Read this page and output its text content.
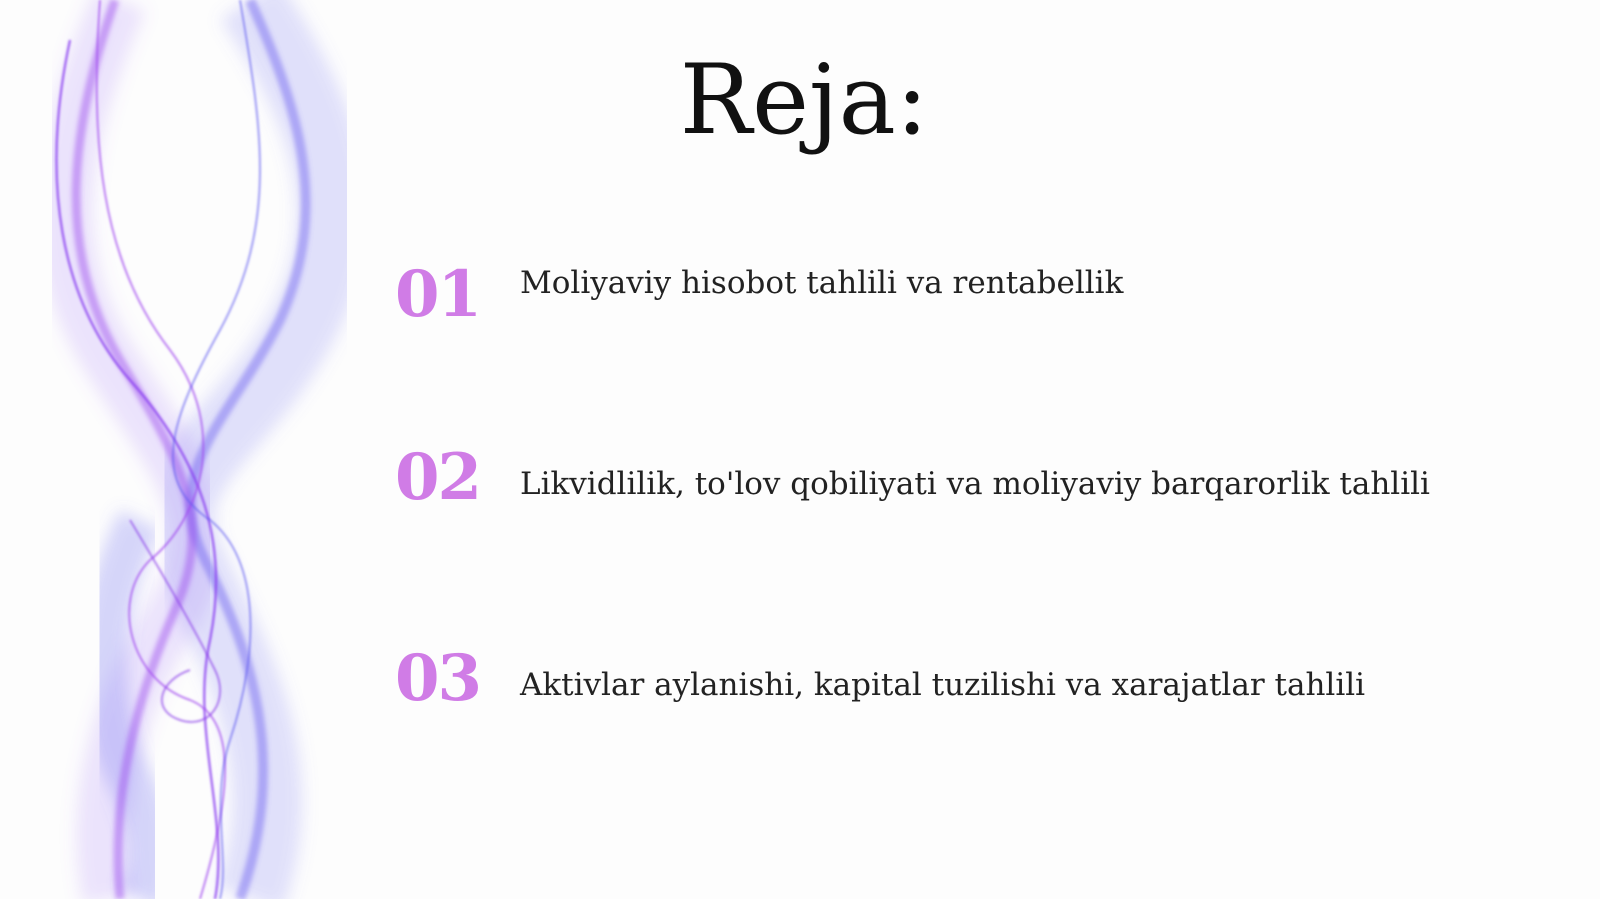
Reja:
01	Moliyaviy hisobot tahlili va rentabellik
02	Likvidlilik, to'lov qobiliyati va moliyaviy barqarorlik tahlili
03	Aktivlar aylanishi, kapital tuzilishi va xarajatlar tahlili
